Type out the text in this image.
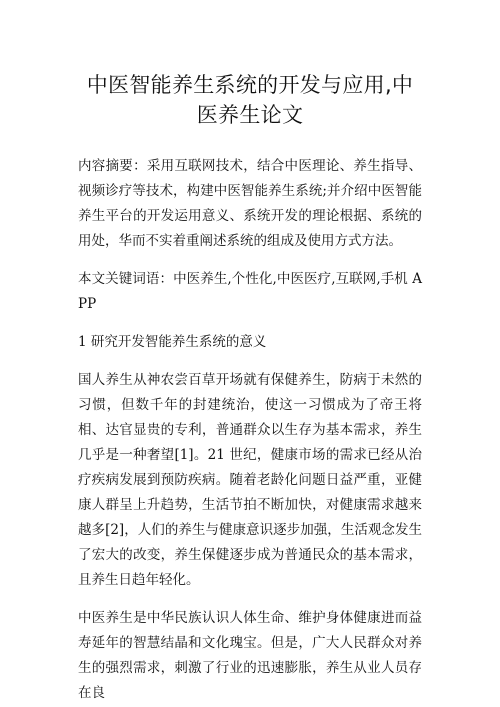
中医智能养生系统的开发与应用,中医养生论文

内容摘要：采用互联网技术，结合中医理论、养生指导、视频诊疗等技术，构建中医智能养生系统;并介绍中医智能养生平台的开发运用意义、系统开发的理论根据、系统的用处，华而不实着重阐述系统的组成及使用方式方法。

本文关键词语：中医养生,个性化,中医医疗,互联网,手机 APP

1 研究开发智能养生系统的意义

国人养生从神农尝百草开场就有保健养生，防病于未然的习惯，但数千年的封建统治，使这一习惯成为了帝王将相、达官显贵的专利，普通群众以生存为基本需求，养生几乎是一种奢望[1]。21 世纪，健康市场的需求已经从治疗疾病发展到预防疾病。随着老龄化问题日益严重，亚健康人群呈上升趋势，生活节拍不断加快，对健康需求越来越多[2]，人们的养生与健康意识逐步加强，生活观念发生了宏大的改变，养生保健逐步成为普通民众的基本需求，且养生日趋年轻化。

中医养生是中华民族认识人体生命、维护身体健康进而益寿延年的智慧结晶和文化瑰宝。但是，广大人民群众对养生的强烈需求，刺激了行业的迅速膨胀，养生从业人员存在良
